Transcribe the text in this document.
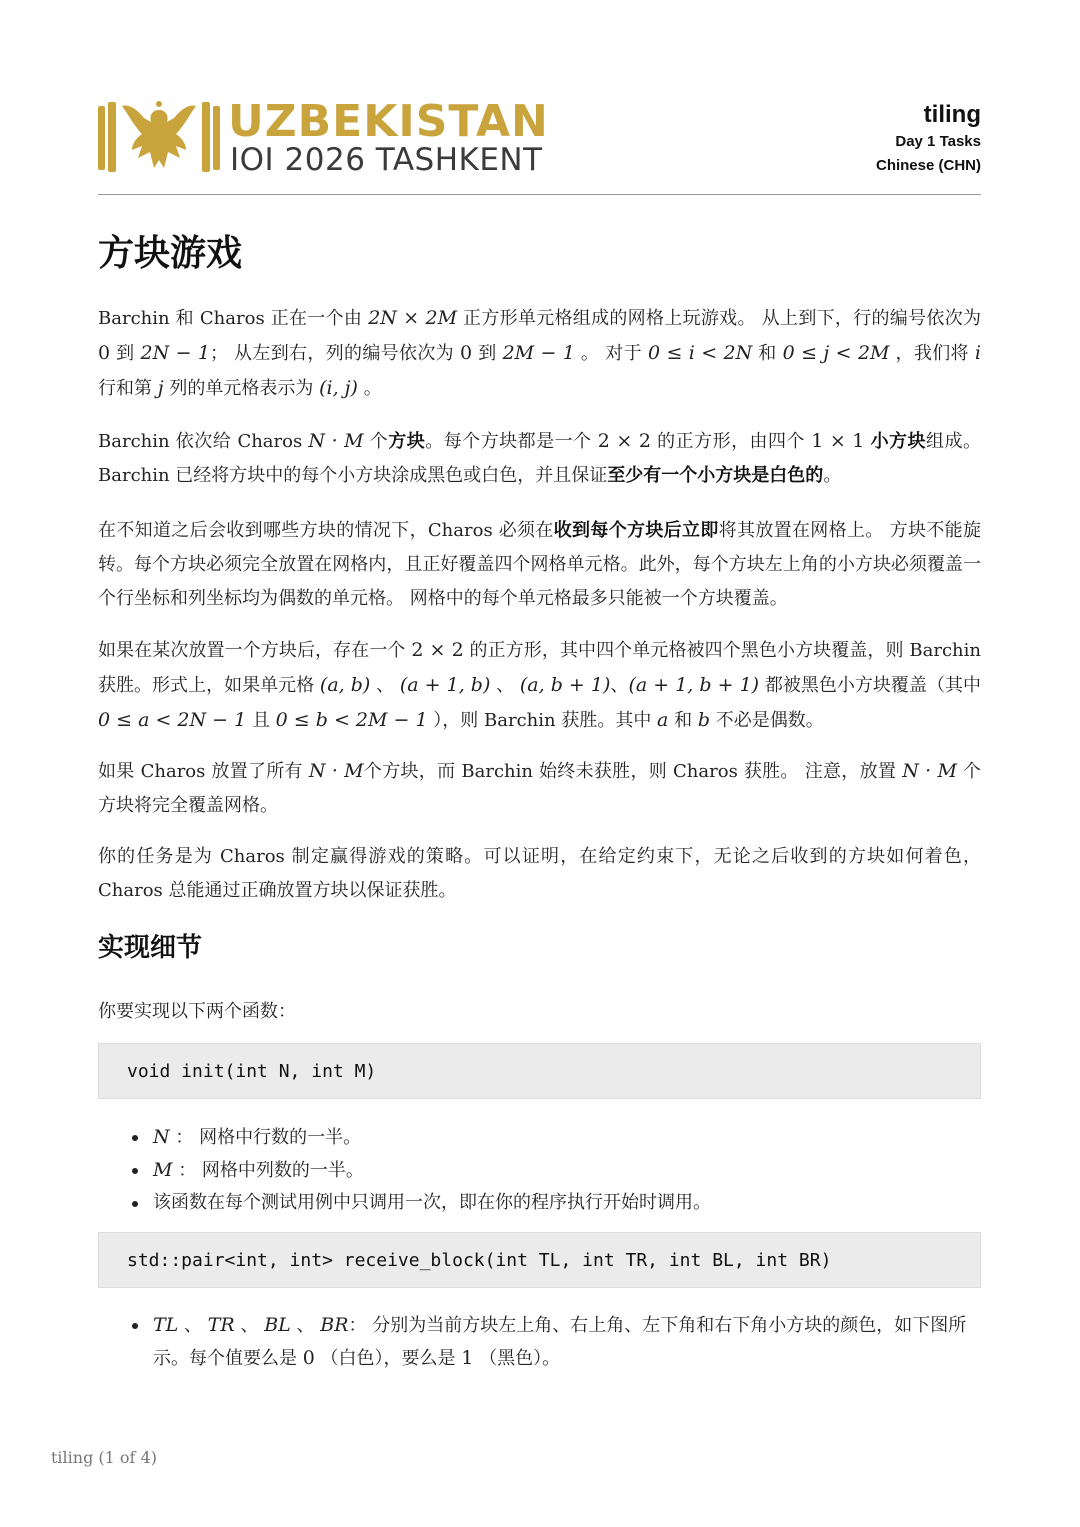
UZBEKISTAN
IOI 2026 TASHKENT
tiling
Day 1 Tasks
Chinese (CHN)
方块游戏

Barchin 和 Charos 正在一个由 2N × 2M 正方形单元格组成的网格上玩游戏。 从上到下，行的编号依次为 0 到 2N − 1； 从左到右，列的编号依次为 0 到 2M − 1 。 对于 0 ≤ i < 2N 和 0 ≤ j < 2M ，我们将 i 行和第 j 列的单元格表示为 (i, j) 。

Barchin 依次给 Charos N · M 个方块。每个方块都是一个 2 × 2 的正方形，由四个 1 × 1 小方块组成。Barchin 已经将方块中的每个小方块涂成黑色或白色，并且保证至少有一个小方块是白色的。

在不知道之后会收到哪些方块的情况下，Charos 必须在收到每个方块后立即将其放置在网格上。 方块不能旋转。每个方块必须完全放置在网格内，且正好覆盖四个网格单元格。此外，每个方块左上角的小方块必须覆盖一个行坐标和列坐标均为偶数的单元格。 网格中的每个单元格最多只能被一个方块覆盖。

如果在某次放置一个方块后，存在一个 2 × 2 的正方形，其中四个单元格被四个黑色小方块覆盖，则 Barchin 获胜。形式上，如果单元格 (a, b) 、 (a + 1, b) 、 (a, b + 1)、(a + 1, b + 1) 都被黑色小方块覆盖（其中 0 ≤ a < 2N − 1 且 0 ≤ b < 2M − 1 ），则 Barchin 获胜。其中 a 和 b 不必是偶数。

如果 Charos 放置了所有 N · M个方块，而 Barchin 始终未获胜，则 Charos 获胜。 注意，放置 N · M 个方块将完全覆盖网格。

你的任务是为 Charos 制定赢得游戏的策略。可以证明，在给定约束下，无论之后收到的方块如何着色，Charos 总能通过正确放置方块以保证获胜。

实现细节

你要实现以下两个函数：

void init(int N, int M)
N ： 网格中行数的一半。
M ： 网格中列数的一半。
该函数在每个测试用例中只调用一次，即在你的程序执行开始时调用。
std::pair<int, int> receive_block(int TL, int TR, int BL, int BR)
TL 、 TR 、 BL 、 BR： 分别为当前方块左上角、右上角、左下角和右下角小方块的颜色，如下图所示。每个值要么是 0 （白色），要么是 1 （黑色）。
tiling (1 of 4)
